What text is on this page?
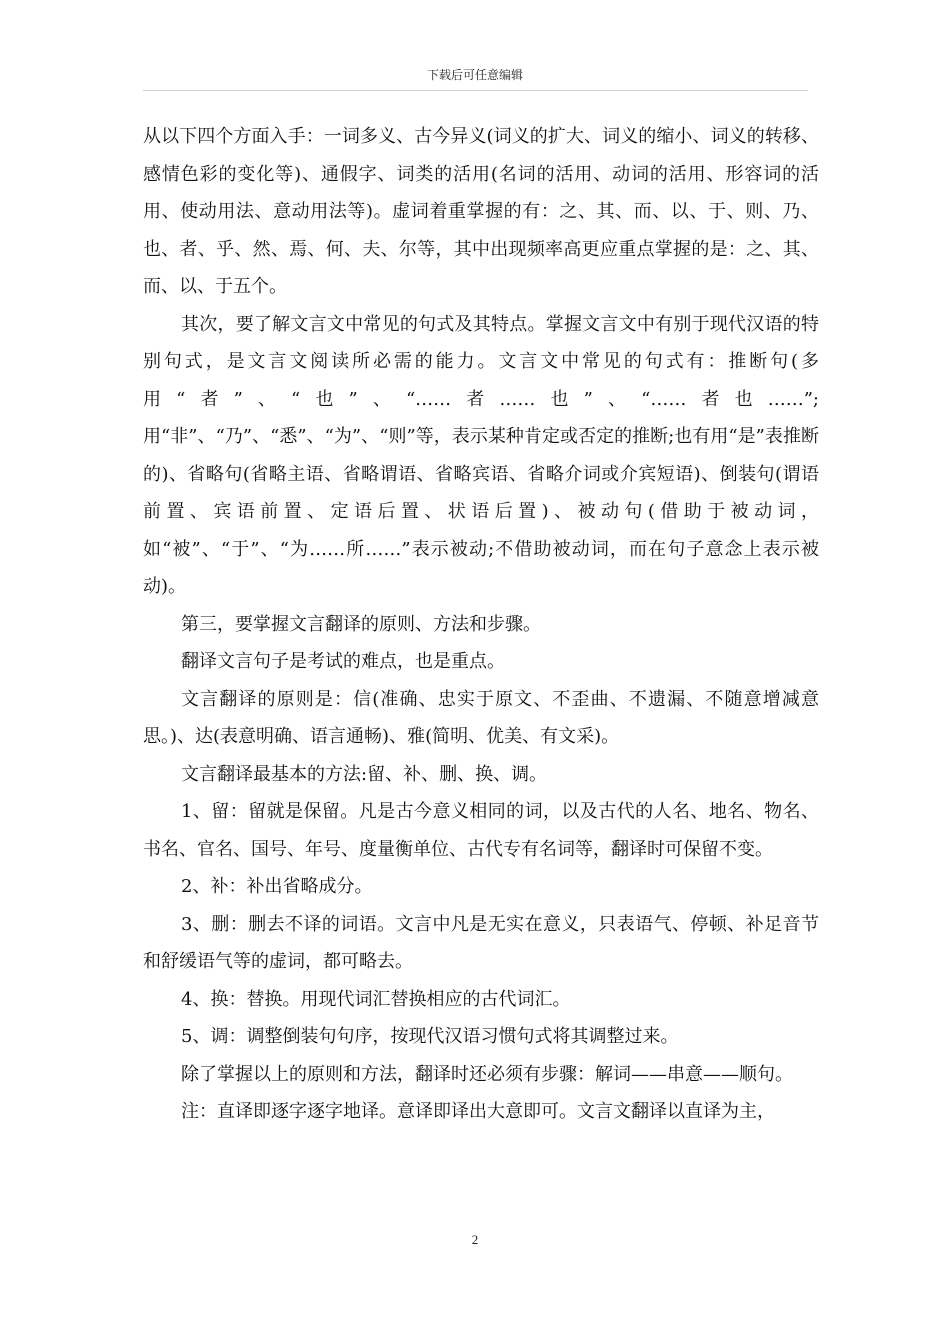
下载后可任意编辑

从以下四个方面入手：一词多义、古今异义(词义的扩大、词义的缩小、词义的转移、感情色彩的变化等)、通假字、词类的活用(名词的活用、动词的活用、形容词的活用、使动用法、意动用法等)。虚词着重掌握的有：之、其、而、以、于、则、乃、也、者、乎、然、焉、何、夫、尔等，其中出现频率高更应重点掌握的是：之、其、而、以、于五个。

其次，要了解文言文中常见的句式及其特点。掌握文言文中有别于现代汉语的特别句式，是文言文阅读所必需的能力。文言文中常见的句式有：推断句(多用“者”、“也”、“……者……也”、“……者也……”;用“非”、“乃”、“悉”、“为”、“则”等，表示某种肯定或否定的推断;也有用“是”表推断的)、省略句(省略主语、省略谓语、省略宾语、省略介词或介宾短语)、倒装句(谓语前置、宾语前置、定语后置、状语后置)、被动句(借助于被动词，如“被”、“于”、“为……所……”表示被动;不借助被动词，而在句子意念上表示被动)。

第三，要掌握文言翻译的原则、方法和步骤。

翻译文言句子是考试的难点，也是重点。

文言翻译的原则是：信(准确、忠实于原文、不歪曲、不遗漏、不随意增减意思。)、达(表意明确、语言通畅)、雅(简明、优美、有文采)。

文言翻译最基本的方法:留、补、删、换、调。

1、留：留就是保留。凡是古今意义相同的词，以及古代的人名、地名、物名、书名、官名、国号、年号、度量衡单位、古代专有名词等，翻译时可保留不变。

2、补：补出省略成分。

3、删：删去不译的词语。文言中凡是无实在意义，只表语气、停顿、补足音节和舒缓语气等的虚词，都可略去。

4、换：替换。用现代词汇替换相应的古代词汇。

5、调：调整倒装句句序，按现代汉语习惯句式将其调整过来。

除了掌握以上的原则和方法，翻译时还必须有步骤：解词——串意——顺句。

注：直译即逐字逐字地译。意译即译出大意即可。文言文翻译以直译为主，

2
